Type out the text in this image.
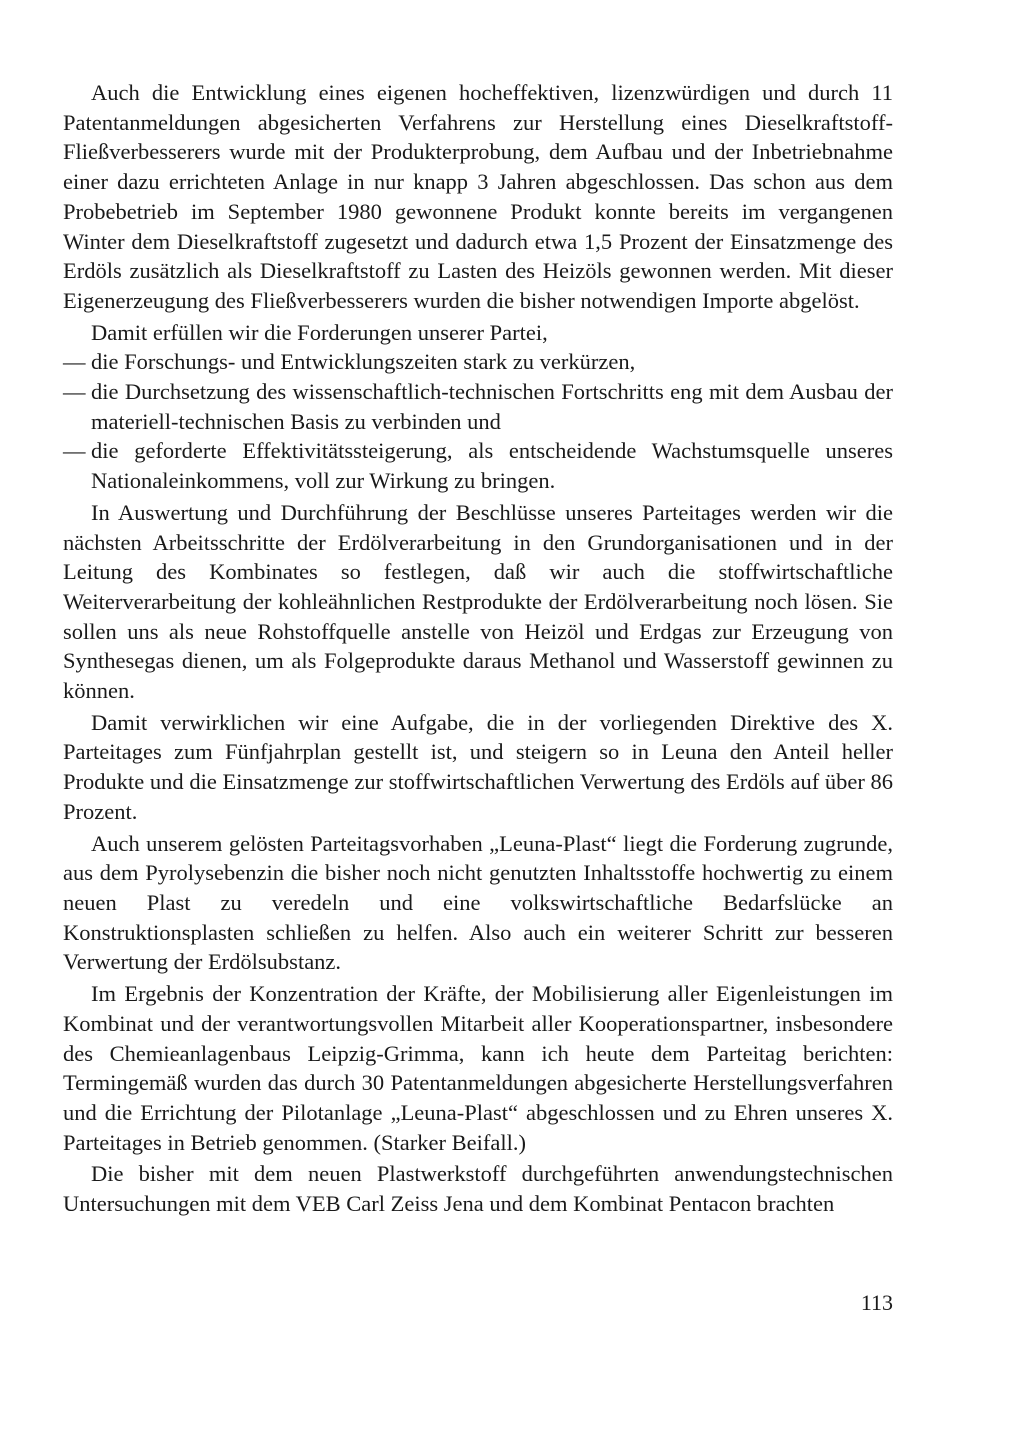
Auch die Entwicklung eines eigenen hocheffektiven, lizenzwürdigen und durch 11 Patentanmeldungen abgesicherten Verfahrens zur Herstellung eines Dieselkraftstoff-Fließverbesserers wurde mit der Produkterprobung, dem Aufbau und der Inbetriebnahme einer dazu errichteten Anlage in nur knapp 3 Jahren abgeschlossen. Das schon aus dem Probebetrieb im September 1980 gewonnene Produkt konnte bereits im vergangenen Winter dem Dieselkraftstoff zugesetzt und dadurch etwa 1,5 Prozent der Einsatzmenge des Erdöls zusätzlich als Dieselkraftstoff zu Lasten des Heizöls gewonnen werden. Mit dieser Eigenerzeugung des Fließverbesserers wurden die bisher notwendigen Importe abgelöst.

Damit erfüllen wir die Forderungen unserer Partei,

— die Forschungs- und Entwicklungszeiten stark zu verkürzen,
— die Durchsetzung des wissenschaftlich-technischen Fortschritts eng mit dem Ausbau der materiell-technischen Basis zu verbinden und
— die geforderte Effektivitätssteigerung, als entscheidende Wachstumsquelle unseres Nationaleinkommens, voll zur Wirkung zu bringen.

In Auswertung und Durchführung der Beschlüsse unseres Parteitages werden wir die nächsten Arbeitsschritte der Erdölverarbeitung in den Grundorganisationen und in der Leitung des Kombinates so festlegen, daß wir auch die stoffwirtschaftliche Weiterverarbeitung der kohleähnlichen Restprodukte der Erdölverarbeitung noch lösen. Sie sollen uns als neue Rohstoffquelle anstelle von Heizöl und Erdgas zur Erzeugung von Synthesegas dienen, um als Folgeprodukte daraus Methanol und Wasserstoff gewinnen zu können.

Damit verwirklichen wir eine Aufgabe, die in der vorliegenden Direktive des X. Parteitages zum Fünfjahrplan gestellt ist, und steigern so in Leuna den Anteil heller Produkte und die Einsatzmenge zur stoffwirtschaftlichen Verwertung des Erdöls auf über 86 Prozent.

Auch unserem gelösten Parteitagsvorhaben „Leuna-Plast“ liegt die Forderung zugrunde, aus dem Pyrolysebenzin die bisher noch nicht genutzten Inhaltsstoffe hochwertig zu einem neuen Plast zu veredeln und eine volkswirtschaftliche Bedarfslücke an Konstruktionsplasten schließen zu helfen. Also auch ein weiterer Schritt zur besseren Verwertung der Erdölsubstanz.

Im Ergebnis der Konzentration der Kräfte, der Mobilisierung aller Eigenleistungen im Kombinat und der verantwortungsvollen Mitarbeit aller Kooperationspartner, insbesondere des Chemieanlagenbaus Leipzig-Grimma, kann ich heute dem Parteitag berichten: Termingemäß wurden das durch 30 Patentanmeldungen abgesicherte Herstellungsverfahren und die Errichtung der Pilotanlage „Leuna-Plast“ abgeschlossen und zu Ehren unseres X. Parteitages in Betrieb genommen. (Starker Beifall.)

Die bisher mit dem neuen Plastwerkstoff durchgeführten anwendungstechnischen Untersuchungen mit dem VEB Carl Zeiss Jena und dem Kombinat Pentacon brachten

113
